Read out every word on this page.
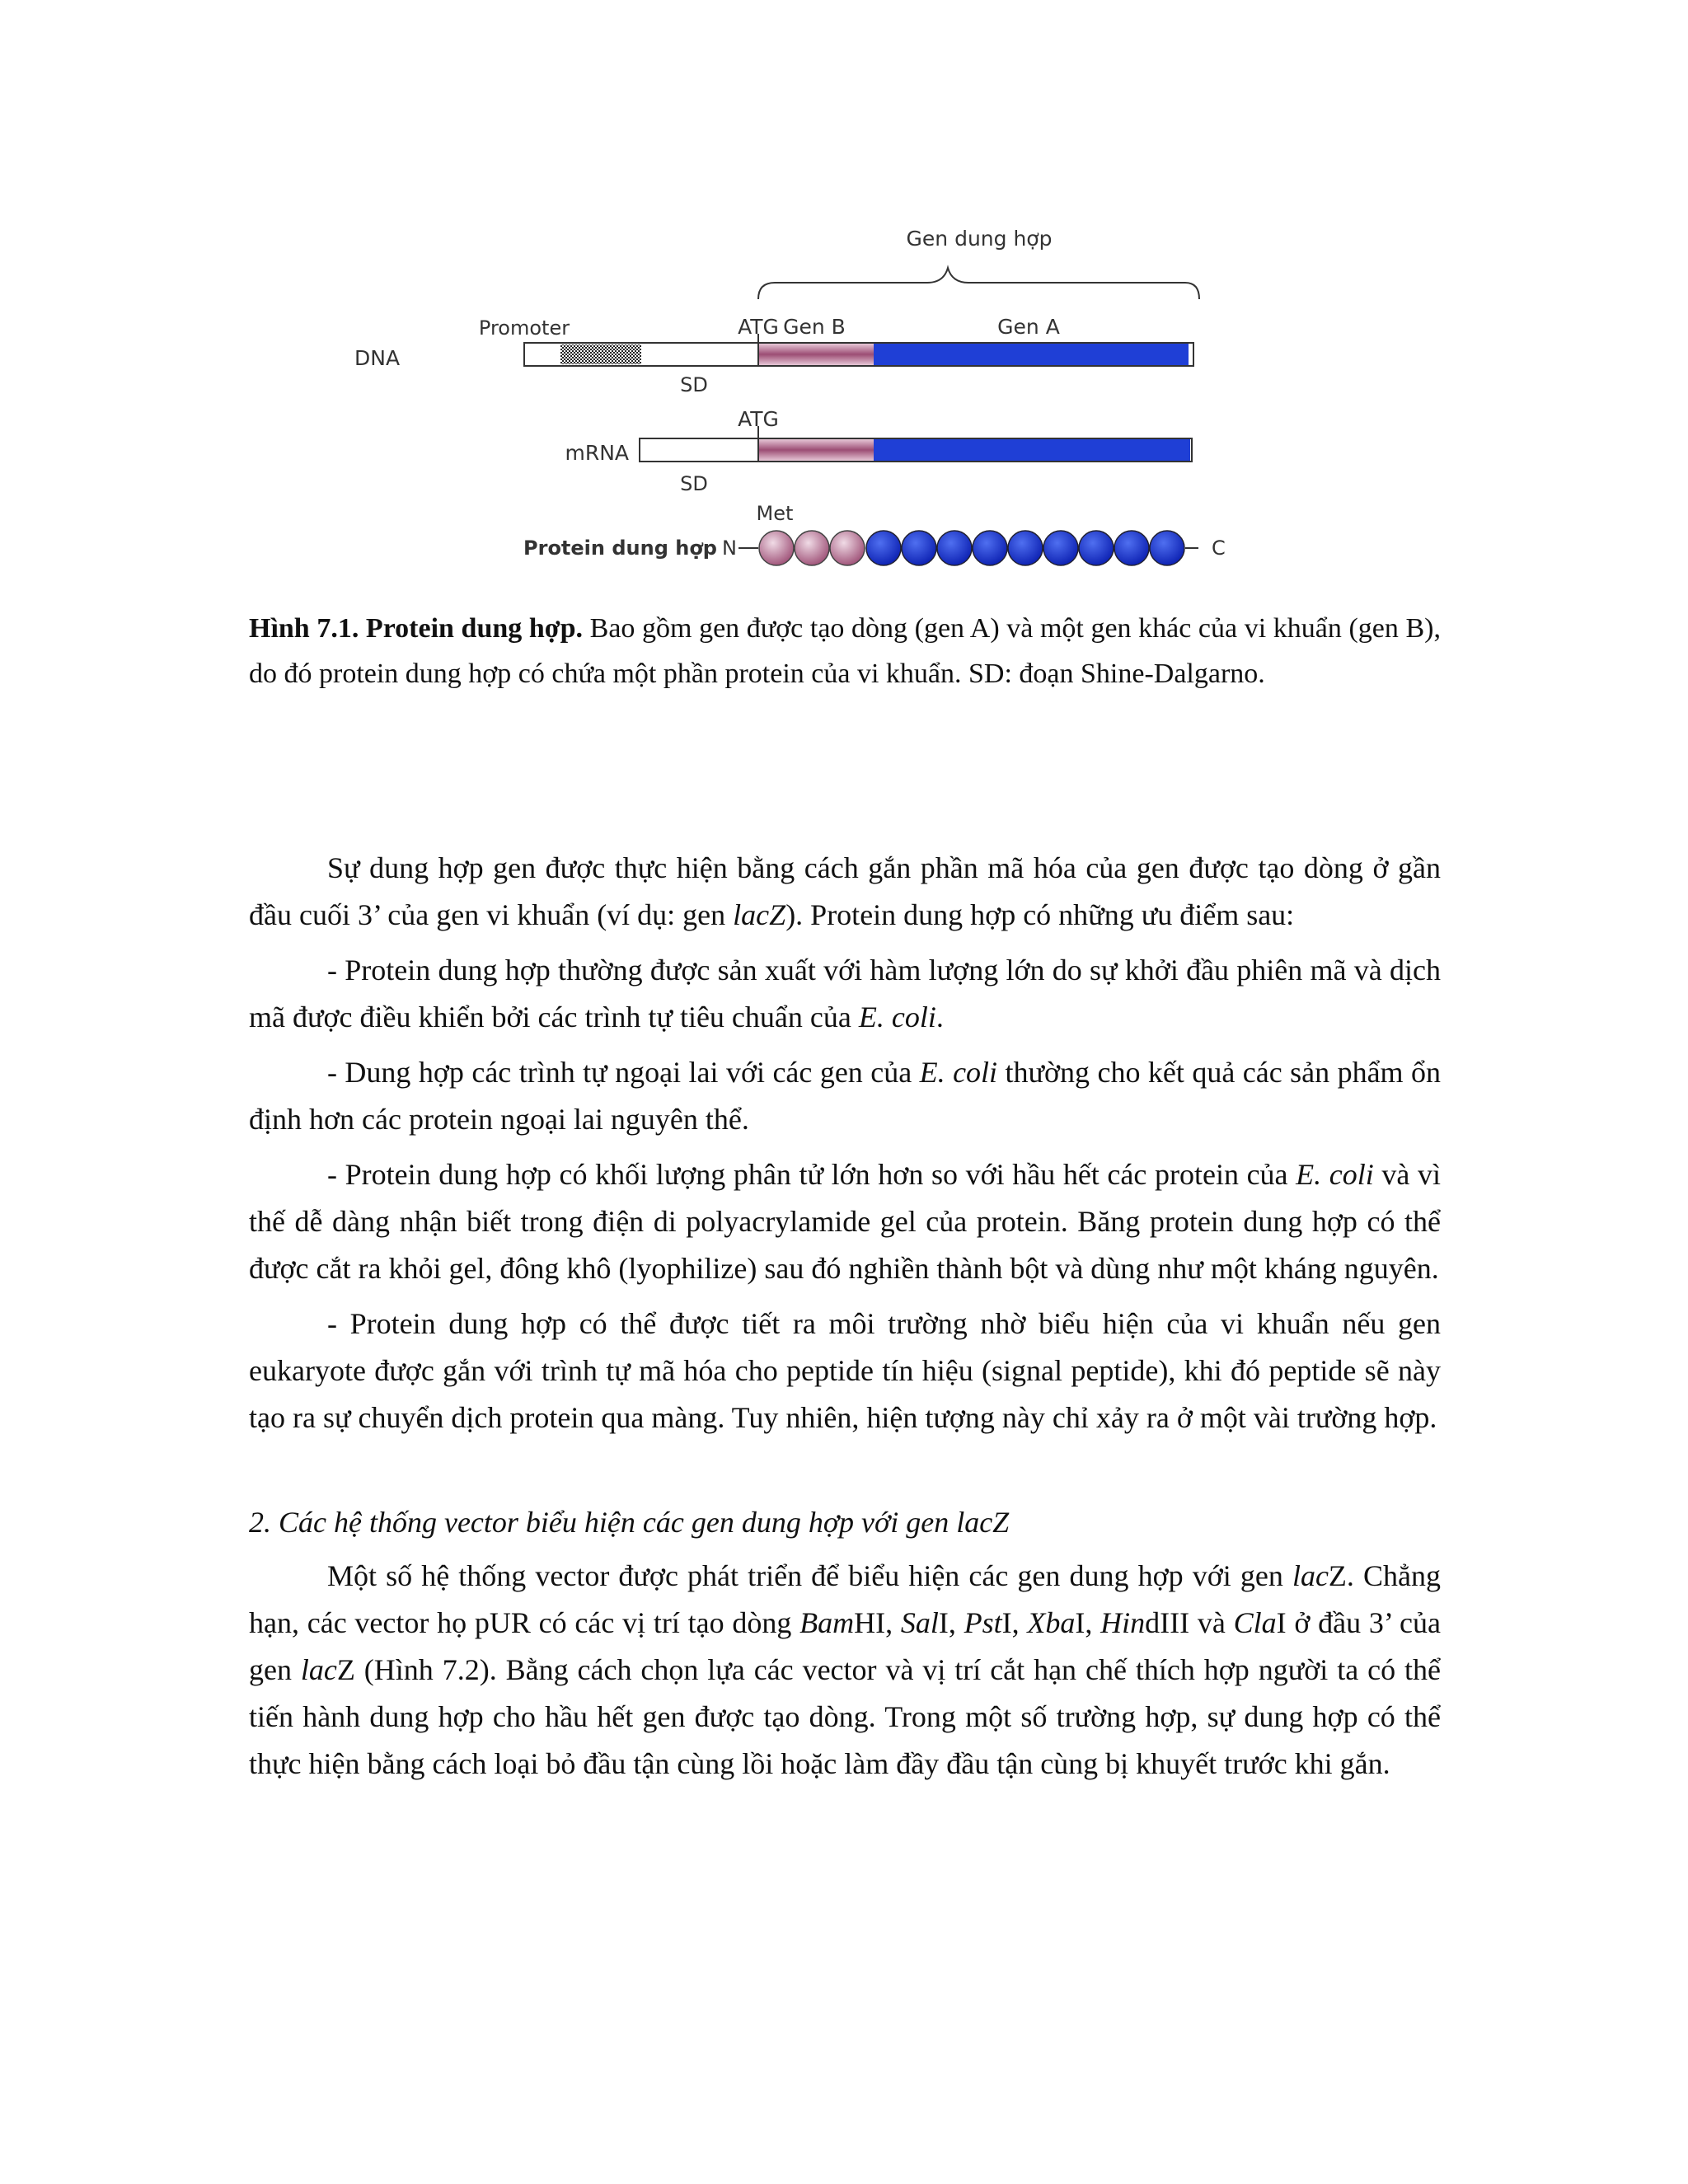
Gen dung hợp
Promoter	ATG Gen B	Gen A
DNA
SD
ATG
mRNA
SD
Met
Protein dung hợp N	C
Hình 7.1. Protein dung hợp. Bao gồm gen được tạo dòng (gen A) và một gen khác của vi khuẩn (gen B), do đó protein dung hợp có chứa một phần protein của vi khuẩn. SD: đoạn Shine-Dalgarno.

Sự dung hợp gen được thực hiện bằng cách gắn phần mã hóa của gen được tạo dòng ở gần đầu cuối 3’ của gen vi khuẩn (ví dụ: gen lacZ). Protein dung hợp có những ưu điểm sau:

- Protein dung hợp thường được sản xuất với hàm lượng lớn do sự khởi đầu phiên mã và dịch mã được điều khiển bởi các trình tự tiêu chuẩn của E. coli.

- Dung hợp các trình tự ngoại lai với các gen của E. coli thường cho kết quả các sản phẩm ổn định hơn các protein ngoại lai nguyên thể.

- Protein dung hợp có khối lượng phân tử lớn hơn so với hầu hết các protein của E. coli và vì thế dễ dàng nhận biết trong điện di polyacrylamide gel của protein. Băng protein dung hợp có thể được cắt ra khỏi gel, đông khô (lyophilize) sau đó nghiền thành bột và dùng như một kháng nguyên.

- Protein dung hợp có thể được tiết ra môi trường nhờ biểu hiện của vi khuẩn nếu gen eukaryote được gắn với trình tự mã hóa cho peptide tín hiệu (signal peptide), khi đó peptide sẽ này tạo ra sự chuyển dịch protein qua màng. Tuy nhiên, hiện tượng này chỉ xảy ra ở một vài trường hợp.

2. Các hệ thống vector biểu hiện các gen dung hợp với gen lacZ

Một số hệ thống vector được phát triển để biểu hiện các gen dung hợp với gen lacZ. Chẳng hạn, các vector họ pUR có các vị trí tạo dòng BamHI, SalI, PstI, XbaI, HindIII và ClaI ở đầu 3’ của gen lacZ (Hình 7.2). Bằng cách chọn lựa các vector và vị trí cắt hạn chế thích hợp người ta có thể tiến hành dung hợp cho hầu hết gen được tạo dòng. Trong một số trường hợp, sự dung hợp có thể thực hiện bằng cách loại bỏ đầu tận cùng lồi hoặc làm đầy đầu tận cùng bị khuyết trước khi gắn.
